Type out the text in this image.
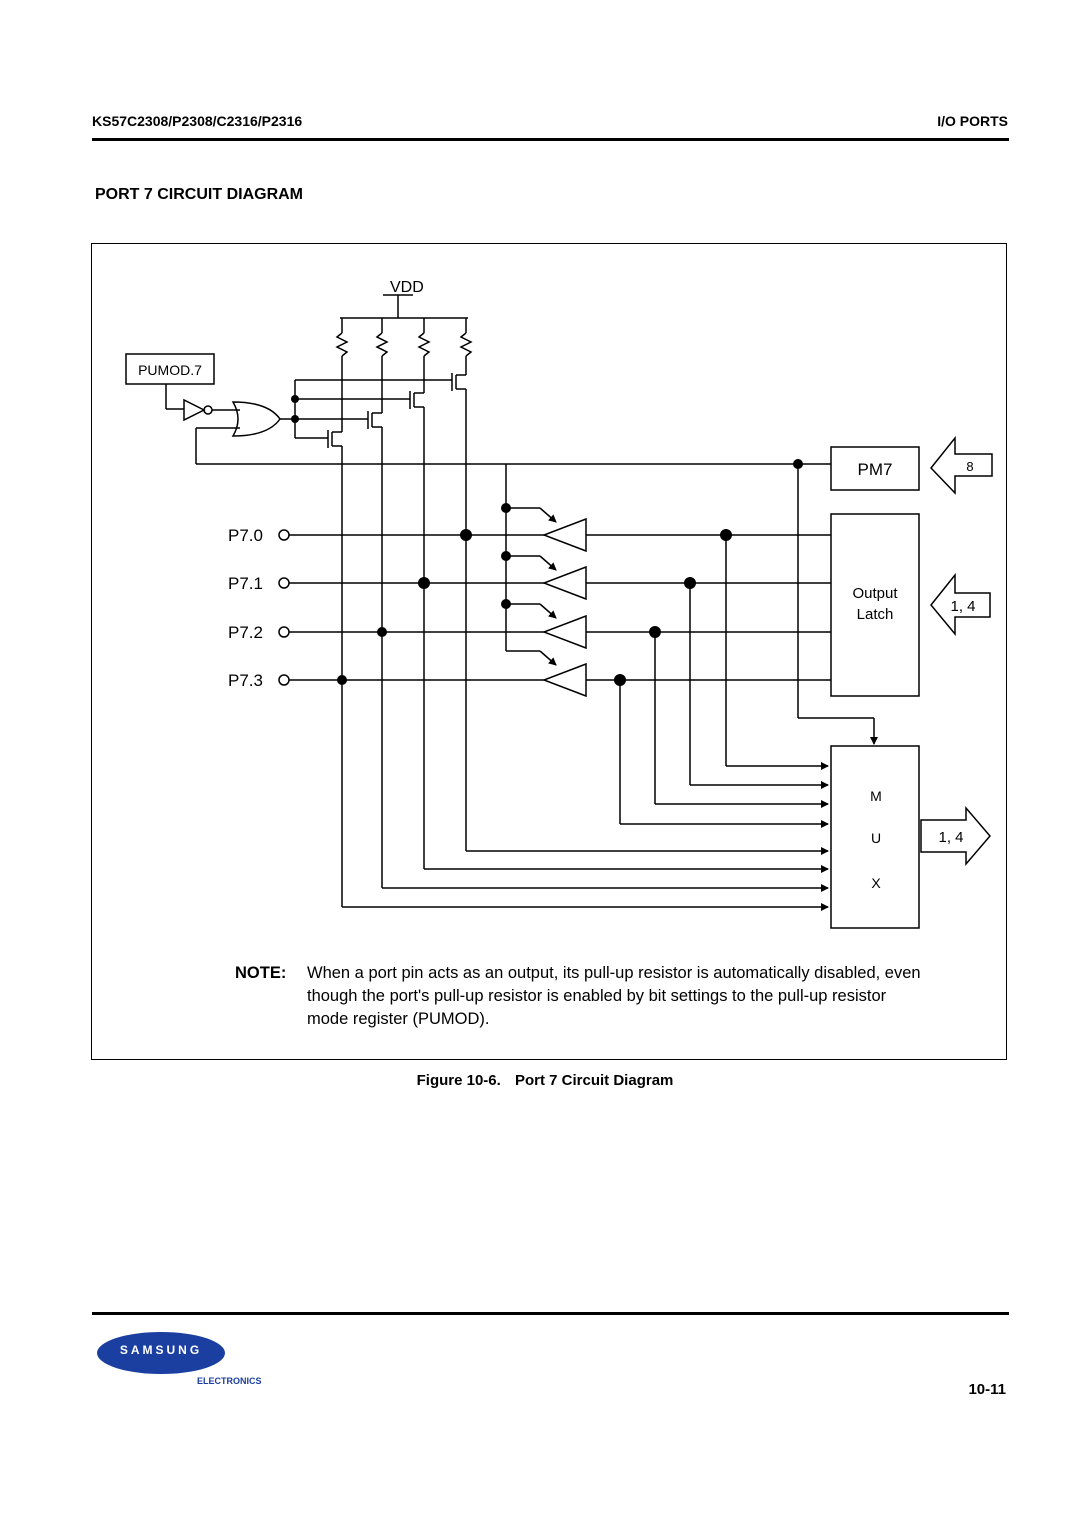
KS57C2308/P2308/C2316/P2316	I/O PORTS
PORT 7 CIRCUIT DIAGRAM
VDD
PUMOD.7
P7.0
P7.1
P7.2
P7.3
PM7	8
Output
Latch	1, 4
M
U
X
1, 4
NOTE: When a port pin acts as an output, its pull-up resistor is automatically disabled, even though the port's pull-up resistor is enabled by bit settings to the pull-up resistor mode register (PUMOD).
Figure 10-6. Port 7 Circuit Diagram
SAMSUNG
ELECTRONICS	10-11
